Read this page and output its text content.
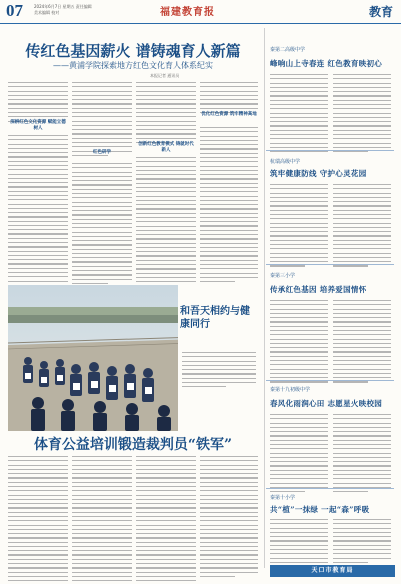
07	2024年6月7日 星期五 责任编辑 美术编辑 校对	福建教育报	教育
传红色基因薪火 谱铸魂育人新篇
——黄浦学院探索地方红色文化育人体系纪实
本报记者 通讯员
深耕红色文化资源 赋能立德树人
红色研学
创新红色教育模式 铸就时代新人
优化红色资源 筑牢精神高地
和吾天相约与健康同行
体育公益培训锻造裁判员“铁军”
秦第二高级中学
峰响山上寺春连 红色教育映初心
杭瑞高级中学
筑牢健康防线 守护心灵花园
秦第三小学
传承红色基因 培养爱国情怀
秦第十九初级中学
春风化雨润心田 志愿星火映校园
秦第十小学
共“植”一抹绿 一起“森”呼吸
天口市教育局
